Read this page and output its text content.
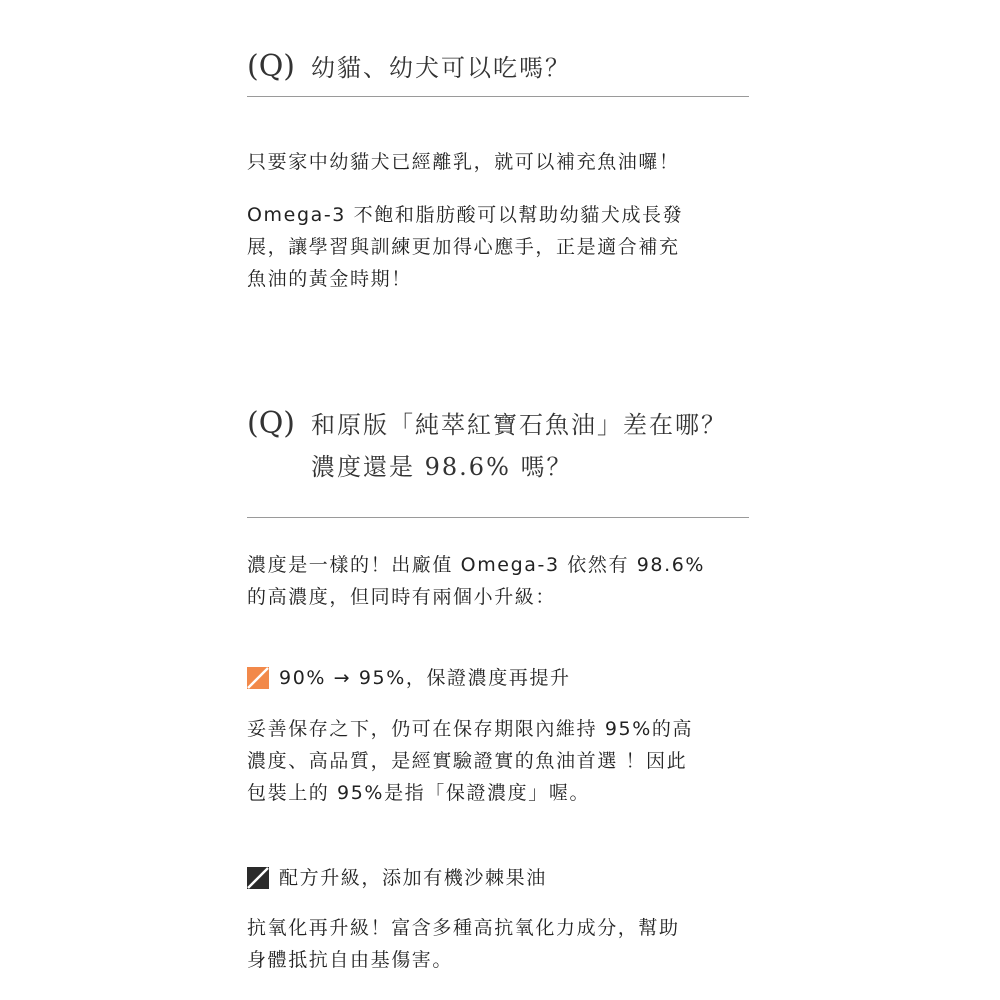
(Q) 幼貓、幼犬可以吃嗎？
只要家中幼貓犬已經離乳，就可以補充魚油囉！
Omega-3 不飽和脂肪酸可以幫助幼貓犬成長發
展，讓學習與訓練更加得心應手，正是適合補充
魚油的黃金時期！
(Q) 和原版「純萃紅寶石魚油」差在哪？
濃度還是 98.6% 嗎？
濃度是一樣的！出廠值 Omega-3 依然有 98.6%
的高濃度，但同時有兩個小升級：
90% → 95%，保證濃度再提升
妥善保存之下，仍可在保存期限內維持 95%的高
濃度、高品質，是經實驗證實的魚油首選 ！因此
包裝上的 95%是指「保證濃度」喔。
配方升級，添加有機沙棘果油
抗氧化再升級！富含多種高抗氧化力成分，幫助
身體抵抗自由基傷害。
